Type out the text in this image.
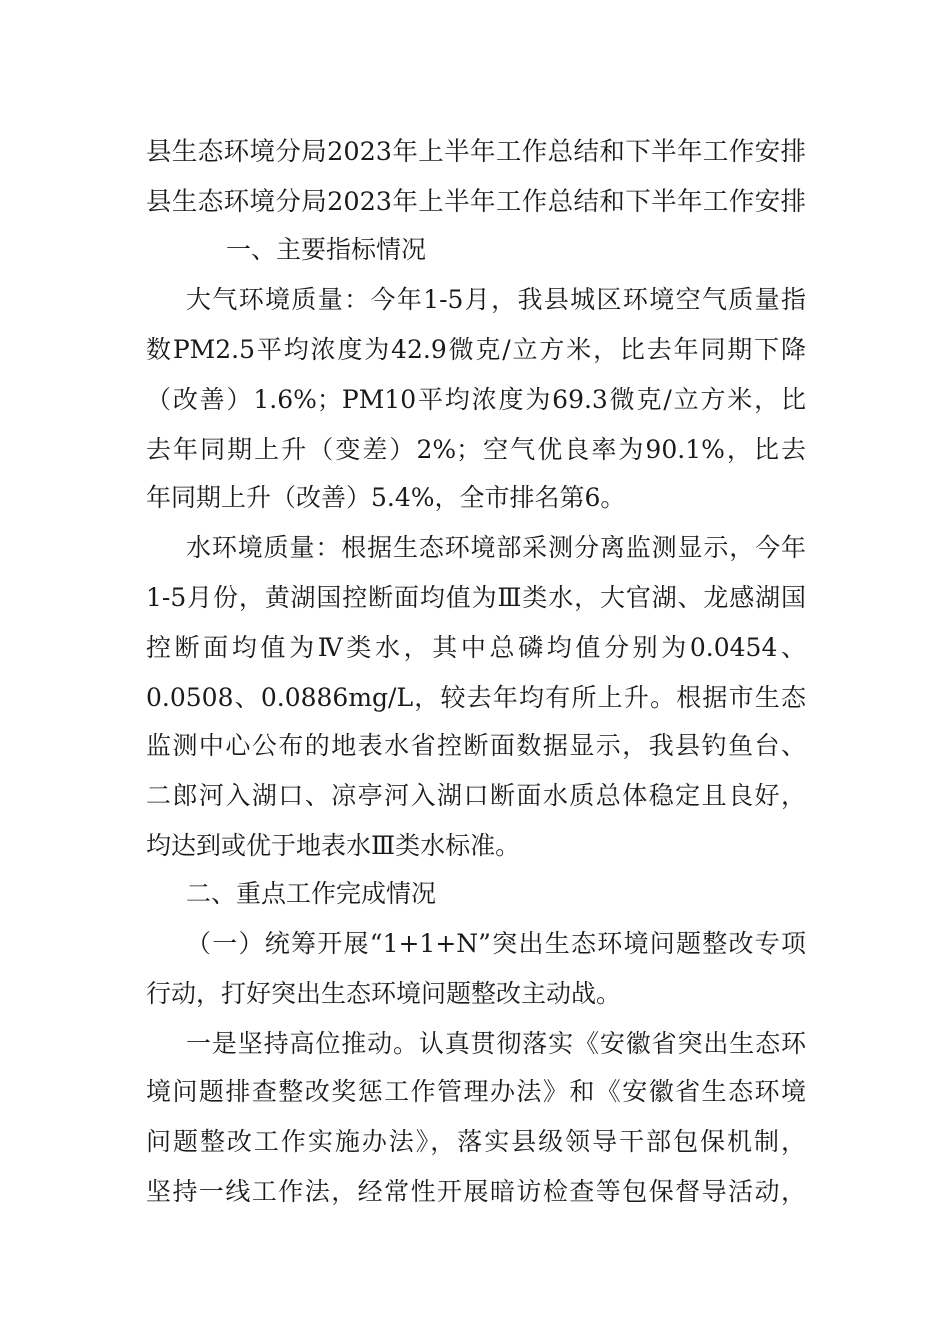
县生态环境分局2023年上半年工作总结和下半年工作安排
县生态环境分局2023年上半年工作总结和下半年工作安排
一、主要指标情况
大气环境质量：今年1-5月，我县城区环境空气质量指
数PM2.5平均浓度为42.9微克/立方米，比去年同期下降
（改善）1.6%；PM10平均浓度为69.3微克/立方米，比
去年同期上升（变差）2%；空气优良率为90.1%，比去
年同期上升（改善）5.4%，全市排名第6。
水环境质量：根据生态环境部采测分离监测显示，今年
1-5月份，黄湖国控断面均值为Ⅲ类水，大官湖、龙感湖国
控断面均值为Ⅳ类水，其中总磷均值分别为0.0454、
0.0508、0.0886mg/L，较去年均有所上升。根据市生态
监测中心公布的地表水省控断面数据显示，我县钓鱼台、
二郎河入湖口、凉亭河入湖口断面水质总体稳定且良好，
均达到或优于地表水Ⅲ类水标准。
二、重点工作完成情况
（一）统筹开展“1+1+N”突出生态环境问题整改专项
行动，打好突出生态环境问题整改主动战。
一是坚持高位推动。认真贯彻落实《安徽省突出生态环
境问题排查整改奖惩工作管理办法》和《安徽省生态环境
问题整改工作实施办法》，落实县级领导干部包保机制，
坚持一线工作法，经常性开展暗访检查等包保督导活动，
